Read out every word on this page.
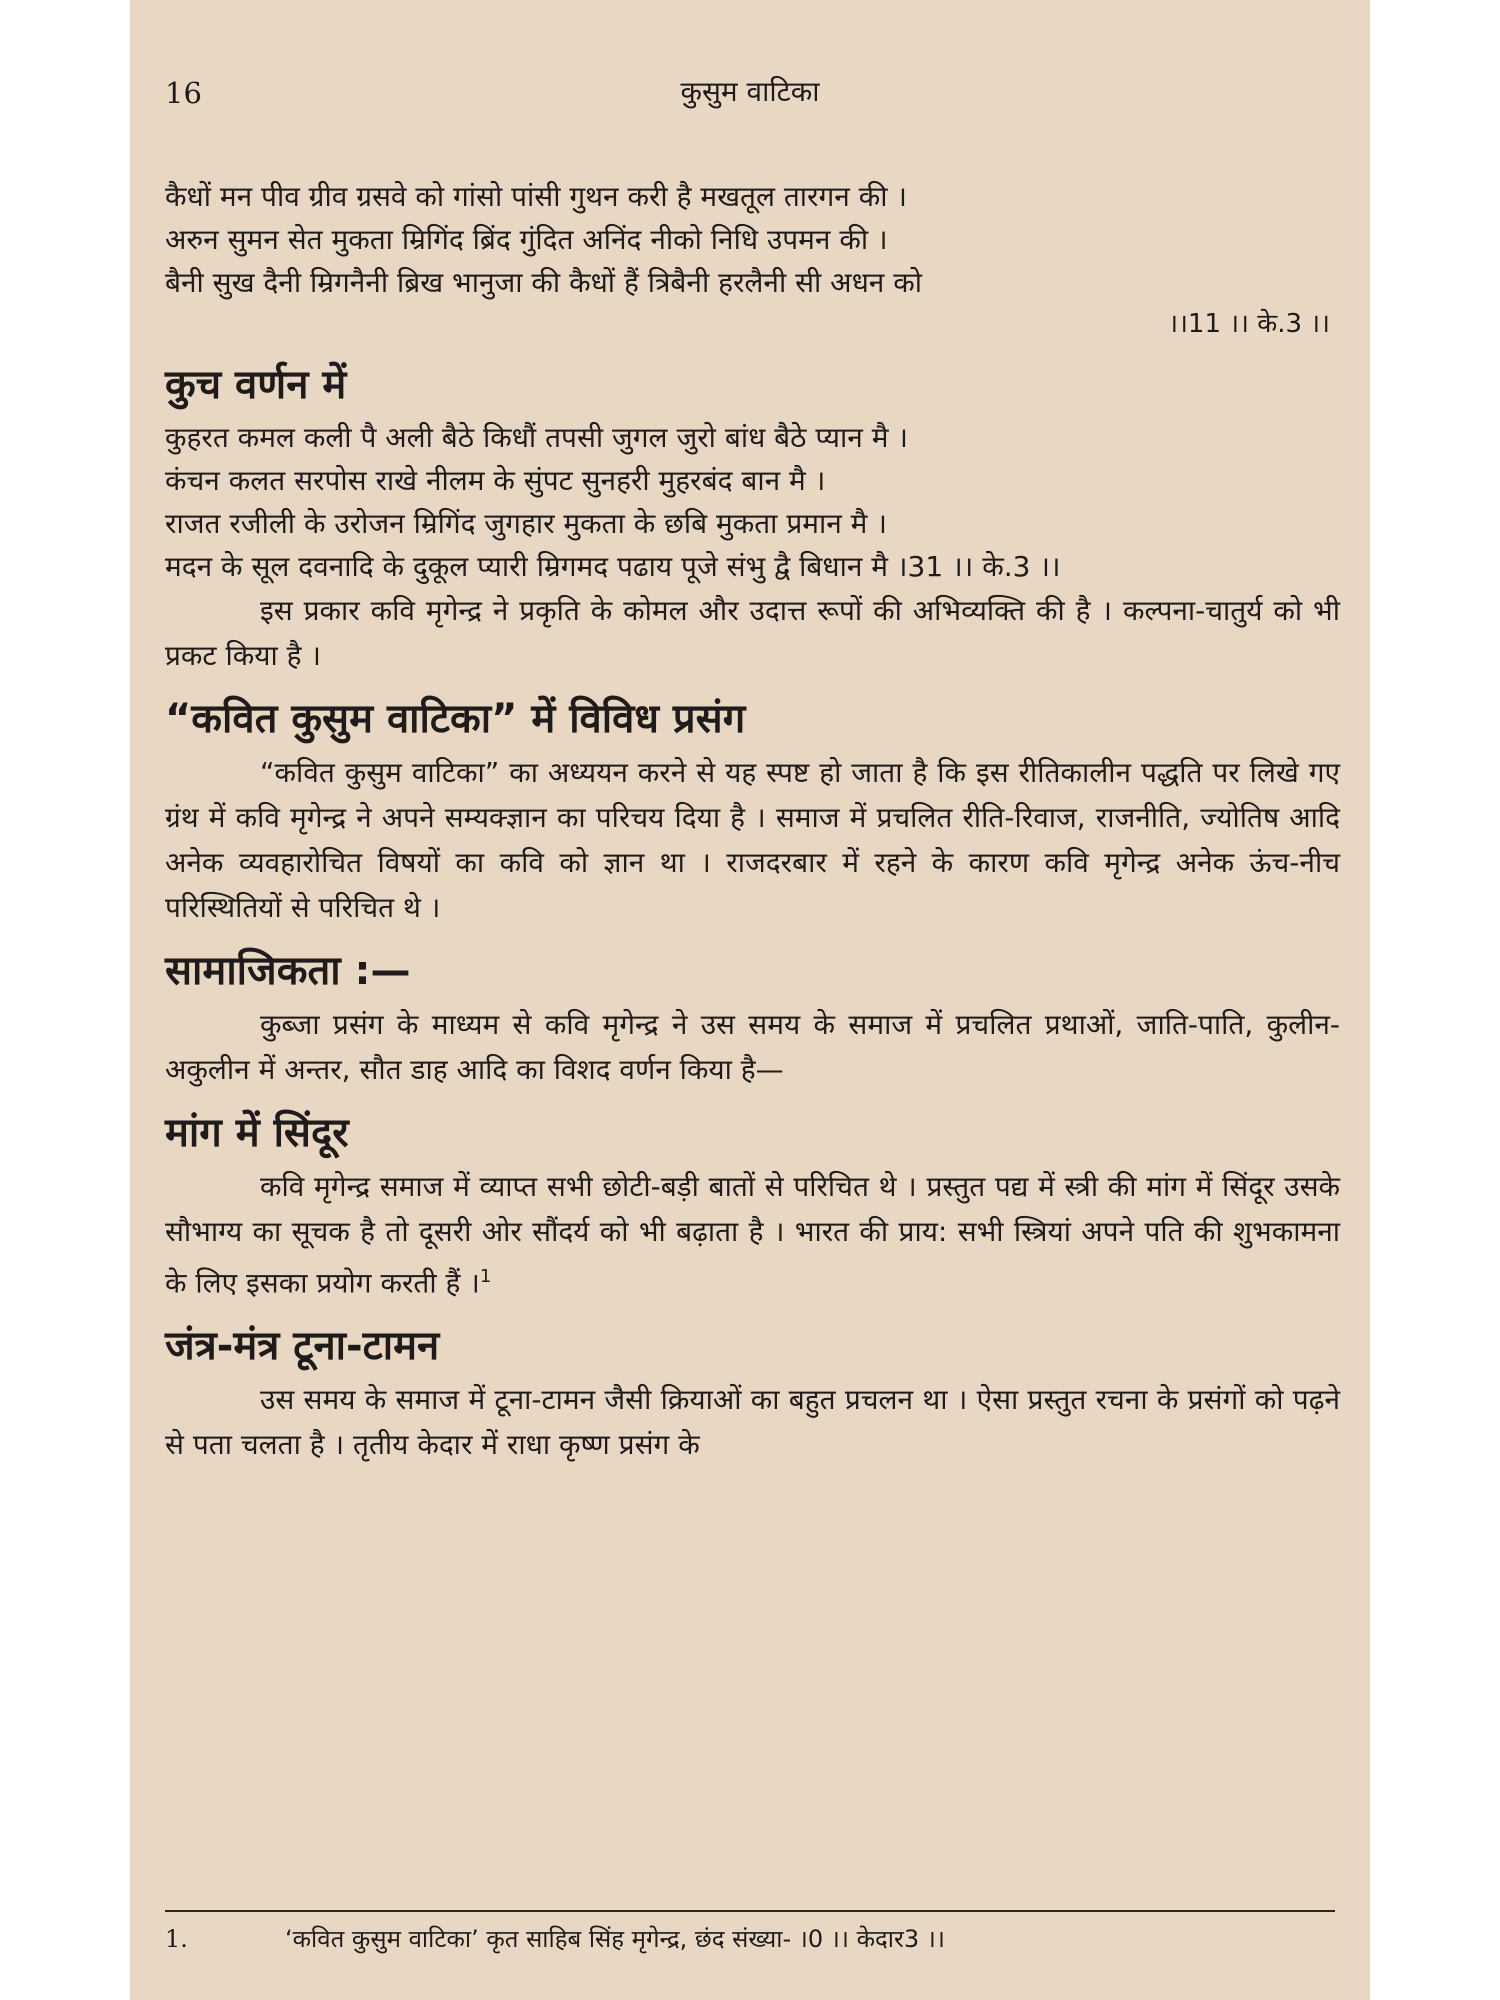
16	कुसुम वाटिका
कैधों मन पीव ग्रीव ग्रसवे को गांसो पांसी गुथन करी है मखतूल तारगन की ।
अरुन सुमन सेत मुकता म्रिगिंद ब्रिंद गुंदित अनिंद नीको निधि उपमन की ।
बैनी सुख दैनी म्रिगनैनी ब्रिख भानुजा की कैधों हैं त्रिबैनी हरलैनी सी अधन को
।।11 ।। के.3 ।।
कुच वर्णन में
कुहरत कमल कली पै अली बैठे किधौं तपसी जुगल जुरो बांध बैठे प्यान मै ।
कंचन कलत सरपोस राखे नीलम के सुंपट सुनहरी मुहरबंद बान मै ।
राजत रजीली के उरोजन म्रिगिंद जुगहार मुकता के छबि मुकता प्रमान मै ।
मदन के सूल दवनादि के दुकूल प्यारी म्रिगमद पढाय पूजे संभु द्वै बिधान मै ।31 ।। के.3 ।।

इस प्रकार कवि मृगेन्द्र ने प्रकृति के कोमल और उदात्त रूपों की अभिव्यक्ति की है । कल्पना-चातुर्य को भी प्रकट किया है ।

“कवित कुसुम वाटिका” में विविध प्रसंग

“कवित कुसुम वाटिका” का अध्ययन करने से यह स्पष्ट हो जाता है कि इस रीतिकालीन पद्धति पर लिखे गए ग्रंथ में कवि मृगेन्द्र ने अपने सम्यक्ज्ञान का परिचय दिया है । समाज में प्रचलित रीति-रिवाज, राजनीति, ज्योतिष आदि अनेक व्यवहारोचित विषयों का कवि को ज्ञान था । राजदरबार में रहने के कारण कवि मृगेन्द्र अनेक ऊंच-नीच परिस्थितियों से परिचित थे ।

सामाजिकता :—

कुब्जा प्रसंग के माध्यम से कवि मृगेन्द्र ने उस समय के समाज में प्रचलित प्रथाओं, जाति-पाति, कुलीन-अकुलीन में अन्तर, सौत डाह आदि का विशद वर्णन किया है—

मांग में सिंदूर

कवि मृगेन्द्र समाज में व्याप्त सभी छोटी-बड़ी बातों से परिचित थे । प्रस्तुत पद्य में स्त्री की मांग में सिंदूर उसके सौभाग्य का सूचक है तो दूसरी ओर सौंदर्य को भी बढ़ाता है । भारत की प्राय: सभी स्त्रियां अपने पति की शुभकामना के लिए इसका प्रयोग करती हैं ।$^1$

जंत्र-मंत्र टूना-टामन

उस समय के समाज में टूना-टामन जैसी क्रियाओं का बहुत प्रचलन था । ऐसा प्रस्तुत रचना के प्रसंगों को पढ़ने से पता चलता है । तृतीय केदार में राधा कृष्ण प्रसंग के

1.	‘कवित कुसुम वाटिका’ कृत साहिब सिंह मृगेन्द्र, छंद संख्या- ।0 ।। केदार3 ।।
